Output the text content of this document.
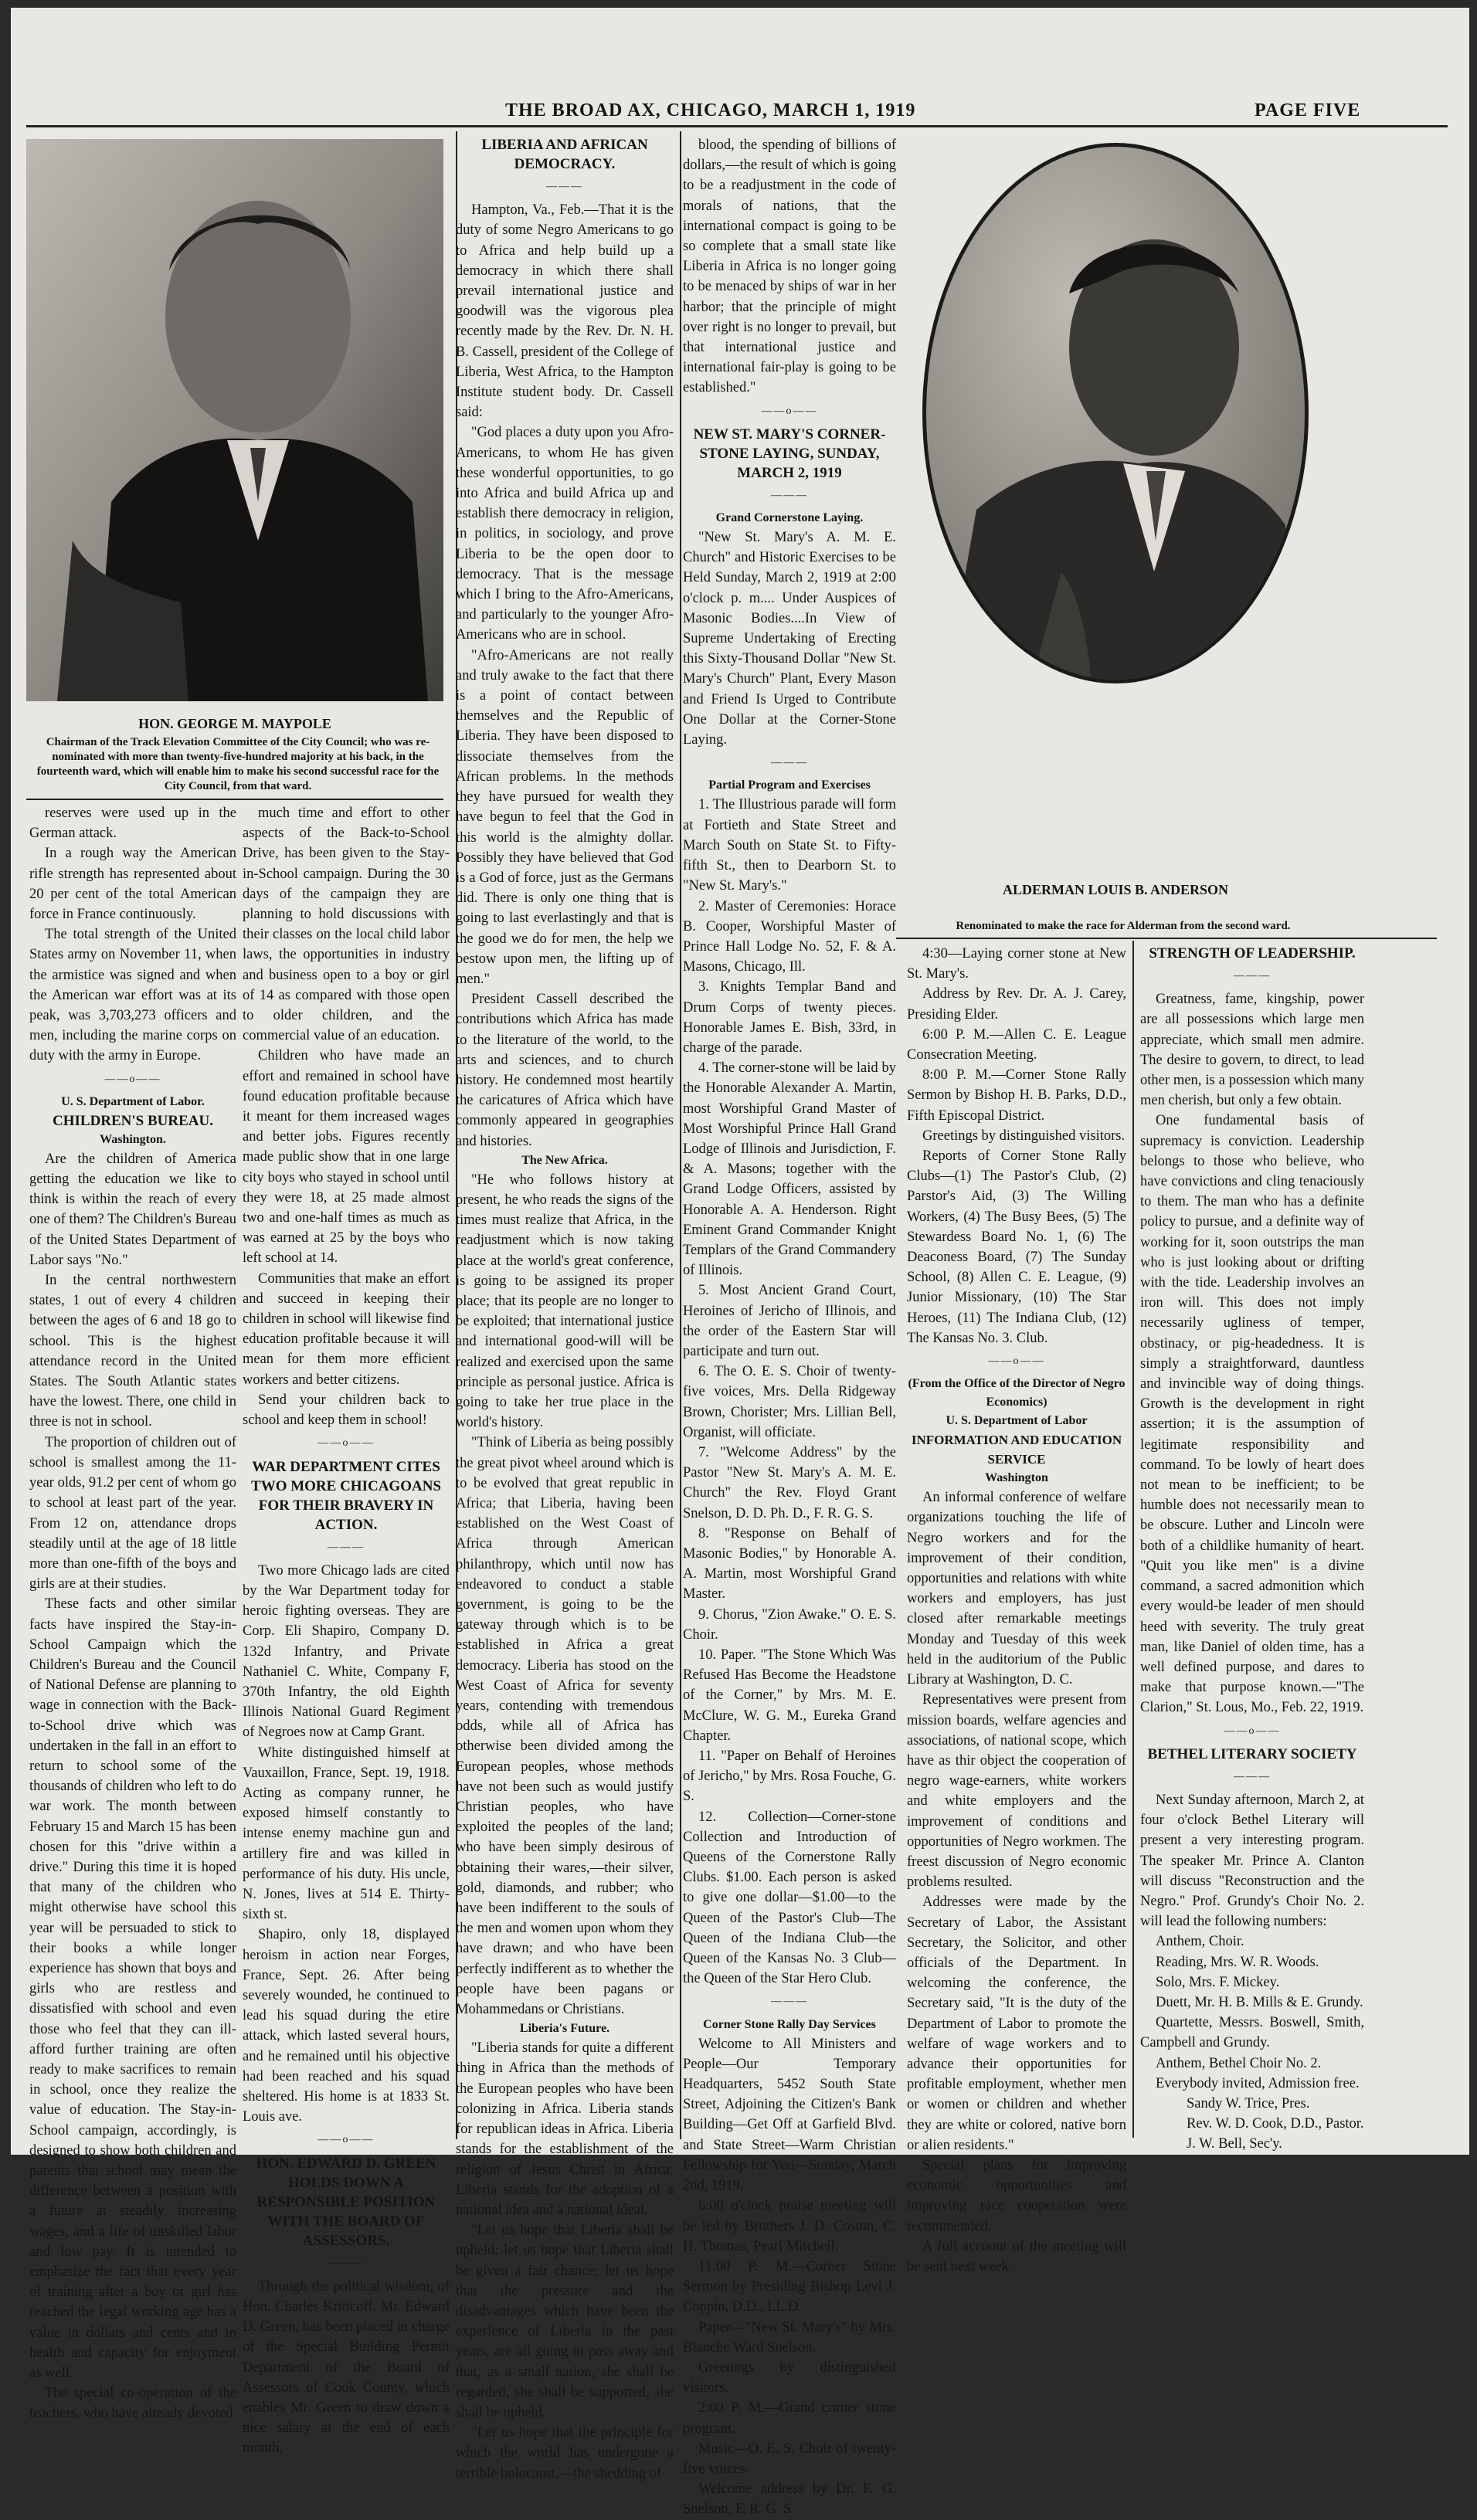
THE BROAD AX, CHICAGO, MARCH 1, 1919	PAGE FIVE
HON. GEORGE M. MAYPOLE
Chairman of the Track Elevation Committee of the City Council; who was re-nominated with more than twenty-five-hundred majority at his back, in the fourteenth ward, which will enable him to make his second successful race for the City Council, from that ward.
ALDERMAN LOUIS B. ANDERSON
Renominated to make the race for Alderman from the second ward.

reserves were used up in the German attack.

In a rough way the American rifle strength has represented about 20 per cent of the total American force in France continuously.

The total strength of the United States army on November 11, when the armistice was signed and when the American war effort was at its peak, was 3,703,273 officers and men, including the marine corps on duty with the army in Europe.

——o——

U. S. Department of Labor.

CHILDREN'S BUREAU.

Washington.

Are the children of America getting the education we like to think is within the reach of every one of them? The Children's Bureau of the United States Department of Labor says "No."

In the central northwestern states, 1 out of every 4 children between the ages of 6 and 18 go to school. This is the highest attendance record in the United States. The South Atlantic states have the lowest. There, one child in three is not in school.

The proportion of children out of school is smallest among the 11-year olds, 91.2 per cent of whom go to school at least part of the year. From 12 on, attendance drops steadily until at the age of 18 little more than one-fifth of the boys and girls are at their studies.

These facts and other similar facts have inspired the Stay-in-School Campaign which the Children's Bureau and the Council of National Defense are planning to wage in connection with the Back-to-School drive which was undertaken in the fall in an effort to return to school some of the thousands of children who left to do war work. The month between February 15 and March 15 has been chosen for this "drive within a drive." During this time it is hoped that many of the children who might otherwise have school this year will be persuaded to stick to their books a while longer experience has shown that boys and girls who are restless and dissatisfied with school and even those who feel that they can ill-afford further training are often ready to make sacrifices to remain in school, once they realize the value of education. The Stay-in-School campaign, accordingly, is designed to show both children and parents that school may mean the difference between a position with a future at steadily increasing wages, and a life of unskilled labor and low pay. It is intended to emphasize the fact that every year of training after a boy or girl has reached the legal working age has a value in dollars and cents and in health and capacity for enjoyment as well.

The special co-operation of the teachers, who have already devoted

much time and effort to other aspects of the Back-to-School Drive, has been given to the Stay-in-School campaign. During the 30 days of the campaign they are planning to hold discussions with their classes on the local child labor laws, the opportunities in industry and business open to a boy or girl of 14 as compared with those open to older children, and the commercial value of an education.

Children who have made an effort and remained in school have found education profitable because it meant for them increased wages and better jobs. Figures recently made public show that in one large city boys who stayed in school until they were 18, at 25 made almost two and one-half times as much as was earned at 25 by the boys who left school at 14.

Communities that make an effort and succeed in keeping their children in school will likewise find education profitable because it will mean for them more efficient workers and better citizens.

Send your children back to school and keep them in school!

——o——

WAR DEPARTMENT CITES TWO MORE CHICAGOANS FOR THEIR BRAVERY IN ACTION.

———

Two more Chicago lads are cited by the War Department today for heroic fighting overseas. They are Corp. Eli Shapiro, Company D. 132d Infantry, and Private Nathaniel C. White, Company F, 370th Infantry, the old Eighth Illinois National Guard Regiment of Negroes now at Camp Grant.

White distinguished himself at Vauxaillon, France, Sept. 19, 1918. Acting as company runner, he exposed himself constantly to intense enemy machine gun and artillery fire and was killed in performance of his duty. His uncle, N. Jones, lives at 514 E. Thirty-sixth st.

Shapiro, only 18, displayed heroism in action near Forges, France, Sept. 26. After being severely wounded, he continued to lead his squad during the etire attack, which lasted several hours, and he remained until his objective had been reached and his squad sheltered. His home is at 1833 St. Louis ave.

——o——

HON. EDWARD D. GREEN HOLDS DOWN A RESPONSIBLE POSITION WITH THE BOARD OF ASSESSORS.

———

Through the political wisdom, of Hon. Charles Krittcoff, Mr. Edward D. Green, has been placed in charge of the Special Building Permit Department of the Board of Assessors of Cook County, which enables Mr. Green to draw down a nice salary at the end of each month.

LIBERIA AND AFRICAN DEMOCRACY.

———

Hampton, Va., Feb.—That it is the duty of some Negro Americans to go to Africa and help build up a democracy in which there shall prevail international justice and goodwill was the vigorous plea recently made by the Rev. Dr. N. H. B. Cassell, president of the College of Liberia, West Africa, to the Hampton Institute student body. Dr. Cassell said:

"God places a duty upon you Afro-Americans, to whom He has given these wonderful opportunities, to go into Africa and build Africa up and establish there democracy in religion, in politics, in sociology, and prove Liberia to be the open door to democracy. That is the message which I bring to the Afro-Americans, and particularly to the younger Afro-Americans who are in school.

"Afro-Americans are not really and truly awake to the fact that there is a point of contact between themselves and the Republic of Liberia. They have been disposed to dissociate themselves from the African problems. In the methods they have pursued for wealth they have begun to feel that the God in this world is the almighty dollar. Possibly they have believed that God is a God of force, just as the Germans did. There is only one thing that is going to last everlastingly and that is the good we do for men, the help we bestow upon men, the lifting up of men."

President Cassell described the contributions which Africa has made to the literature of the world, to the arts and sciences, and to church history. He condemned most heartily the caricatures of Africa which have commonly appeared in geographies and histories.

The New Africa.

"He who follows history at present, he who reads the signs of the times must realize that Africa, in the readjustment which is now taking place at the world's great conference, is going to be assigned its proper place; that its people are no longer to be exploited; that international justice and international good-will will be realized and exercised upon the same principle as personal justice. Africa is going to take her true place in the world's history.

"Think of Liberia as being possibly the great pivot wheel around which is to be evolved that great republic in Africa; that Liberia, having been established on the West Coast of Africa through American philanthropy, which until now has endeavored to conduct a stable government, is going to be the gateway through which is to be established in Africa a great democracy. Liberia has stood on the West Coast of Africa for seventy years, contending with tremendous odds, while all of Africa has otherwise been divided among the European peoples, whose methods have not been such as would justify Christian peoples, who have exploited the peoples of the land; who have been simply desirous of obtaining their wares,—their silver, gold, diamonds, and rubber; who have been indifferent to the souls of the men and women upon whom they have drawn; and who have been perfectly indifferent as to whether the people have been pagans or Mohammedans or Christians.

Liberia's Future.

"Liberia stands for quite a different thing in Africa than the methods of the European peoples who have been colonizing in Africa. Liberia stands for republican ideas in Africa. Liberia stands for the establishment of the religion of Jesus Christ in Africa. Liberia stands for the adoption of a national idea and a national ideal.

"Let us hope that Liberia shall be upheld; let us hope that Liberia shall be given a fair chance; let us hope that the pressure and the disadvantages which have been the experience of Liberia in the past years, are all going to pass away and that, as a small nation, she shall be regarded, she shall be supported, she shall be upheld.

"Let us hope that the principle for which the world has undergone a terrible holocaust,—the shedding of

blood, the spending of billions of dollars,—the result of which is going to be a readjustment in the code of morals of nations, that the international compact is going to be so complete that a small state like Liberia in Africa is no longer going to be menaced by ships of war in her harbor; that the principle of might over right is no longer to prevail, but that international justice and international fair-play is going to be established."

——o——

NEW ST. MARY'S CORNER-STONE LAYING, SUNDAY, MARCH 2, 1919

———

Grand Cornerstone Laying.

"New St. Mary's A. M. E. Church" and Historic Exercises to be Held Sunday, March 2, 1919 at 2:00 o'clock p. m.... Under Auspices of Masonic Bodies....In View of Supreme Undertaking of Erecting this Sixty-Thousand Dollar "New St. Mary's Church" Plant, Every Mason and Friend Is Urged to Contribute One Dollar at the Corner-Stone Laying.

———

Partial Program and Exercises

1. The Illustrious parade will form at Fortieth and State Street and March South on State St. to Fifty-fifth St., then to Dearborn St. to "New St. Mary's."

2. Master of Ceremonies: Horace B. Cooper, Worshipful Master of Prince Hall Lodge No. 52, F. & A. Masons, Chicago, Ill.

3. Knights Templar Band and Drum Corps of twenty pieces. Honorable James E. Bish, 33rd, in charge of the parade.

4. The corner-stone will be laid by the Honorable Alexander A. Martin, most Worshipful Grand Master of Most Worshipful Prince Hall Grand Lodge of Illinois and Jurisdiction, F. & A. Masons; together with the Grand Lodge Officers, assisted by Honorable A. A. Henderson. Right Eminent Grand Commander Knight Templars of the Grand Commandery of Illinois.

5. Most Ancient Grand Court, Heroines of Jericho of Illinois, and the order of the Eastern Star will participate and turn out.

6. The O. E. S. Choir of twenty-five voices, Mrs. Della Ridgeway Brown, Chorister; Mrs. Lillian Bell, Organist, will officiate.

7. "Welcome Address" by the Pastor "New St. Mary's A. M. E. Church" the Rev. Floyd Grant Snelson, D. D. Ph. D., F. R. G. S.

8. "Response on Behalf of Masonic Bodies," by Honorable A. A. Martin, most Worshipful Grand Master.

9. Chorus, "Zion Awake." O. E. S. Choir.

10. Paper. "The Stone Which Was Refused Has Become the Headstone of the Corner," by Mrs. M. E. McClure, W. G. M., Eureka Grand Chapter.

11. "Paper on Behalf of Heroines of Jericho," by Mrs. Rosa Fouche, G. S.

12. Collection—Corner-stone Collection and Introduction of Queens of the Cornerstone Rally Clubs. $1.00. Each person is asked to give one dollar—$1.00—to the Queen of the Pastor's Club—The Queen of the Indiana Club—the Queen of the Kansas No. 3 Club—the Queen of the Star Hero Club.

———

Corner Stone Rally Day Services

Welcome to All Ministers and People—Our Temporary Headquarters, 5452 South State Street, Adjoining the Citizen's Bank Building—Get Off at Garfield Blvd. and State Street—Warm Christian Fellowship for You—Sunday, March 2nd, 1919.

6:00 o'clock praise meeting will be led by Brothers J. D. Coston, C. H. Thomas, Pearl Mitchell.

11:00 P. M.—Corner Stone Sermon by Presiding Bishop Levi J. Coppin, D.D., LL.D.

Paper—"New St. Mary's" by Mrs. Blanche Ward Snelson.

Greetings by distinguished visitors.

2:00 P. M.—Grand corner stone program.

Music—O. E. S. Choir of twenty-five voices.

Welcome address by Dr. F. G. Snelson, F. R. G. S.

4:30—Laying corner stone at New St. Mary's.

Address by Rev. Dr. A. J. Carey, Presiding Elder.

6:00 P. M.—Allen C. E. League Consecration Meeting.

8:00 P. M.—Corner Stone Rally Sermon by Bishop H. B. Parks, D.D., Fifth Episcopal District.

Greetings by distinguished visitors.

Reports of Corner Stone Rally Clubs—(1) The Pastor's Club, (2) Parstor's Aid, (3) The Willing Workers, (4) The Busy Bees, (5) The Stewardess Board No. 1, (6) The Deaconess Board, (7) The Sunday School, (8) Allen C. E. League, (9) Junior Missionary, (10) The Star Heroes, (11) The Indiana Club, (12) The Kansas No. 3. Club.

——o——

(From the Office of the Director of Negro Economics)

U. S. Department of Labor

INFORMATION AND EDUCATION SERVICE

Washington

An informal conference of welfare organizations touching the life of Negro workers and for the improvement of their condition, opportunities and relations with white workers and employers, has just closed after remarkable meetings Monday and Tuesday of this week held in the auditorium of the Public Library at Washington, D. C.

Representatives were present from mission boards, welfare agencies and associations, of national scope, which have as thir object the cooperation of negro wage-earners, white workers and white employers and the improvement of conditions and opportunities of Negro workmen. The freest discussion of Negro economic problems resulted.

Addresses were made by the Secretary of Labor, the Assistant Secretary, the Solicitor, and other officials of the Department. In welcoming the conference, the Secretary said, "It is the duty of the Department of Labor to promote the welfare of wage workers and to advance their opportunities for profitable employment, whether men or women or children and whether they are white or colored, native born or alien residents."

Special plans for improving economic opportunities and improving race cooperation were recommended.

A full account of the meeting will be sent next week.

STRENGTH OF LEADERSHIP.

———

Greatness, fame, kingship, power are all possessions which large men appreciate, which small men admire. The desire to govern, to direct, to lead other men, is a possession which many men cherish, but only a few obtain.

One fundamental basis of supremacy is conviction. Leadership belongs to those who believe, who have convictions and cling tenaciously to them. The man who has a definite policy to pursue, and a definite way of working for it, soon outstrips the man who is just looking about or drifting with the tide. Leadership involves an iron will. This does not imply necessarily ugliness of temper, obstinacy, or pig-headedness. It is simply a straightforward, dauntless and invincible way of doing things. Growth is the development in right assertion; it is the assumption of legitimate responsibility and command. To be lowly of heart does not mean to be inefficient; to be humble does not necessarily mean to be obscure. Luther and Lincoln were both of a childlike humanity of heart. "Quit you like men" is a divine command, a sacred admonition which every would-be leader of men should heed with severity. The truly great man, like Daniel of olden time, has a well defined purpose, and dares to make that purpose known.—"The Clarion," St. Lous, Mo., Feb. 22, 1919.

——o——

BETHEL LITERARY SOCIETY

———

Next Sunday afternoon, March 2, at four o'clock Bethel Literary will present a very interesting program. The speaker Mr. Prince A. Clanton will discuss "Reconstruction and the Negro." Prof. Grundy's Choir No. 2. will lead the following numbers:

Anthem, Choir.

Reading, Mrs. W. R. Woods.

Solo, Mrs. F. Mickey.

Duett, Mr. H. B. Mills & E. Grundy.

Quartette, Messrs. Boswell, Smith, Campbell and Grundy.

Anthem, Bethel Choir No. 2.

Everybody invited, Admission free.

Sandy W. Trice, Pres.

Rev. W. D. Cook, D.D., Pastor.

J. W. Bell, Sec'y.
